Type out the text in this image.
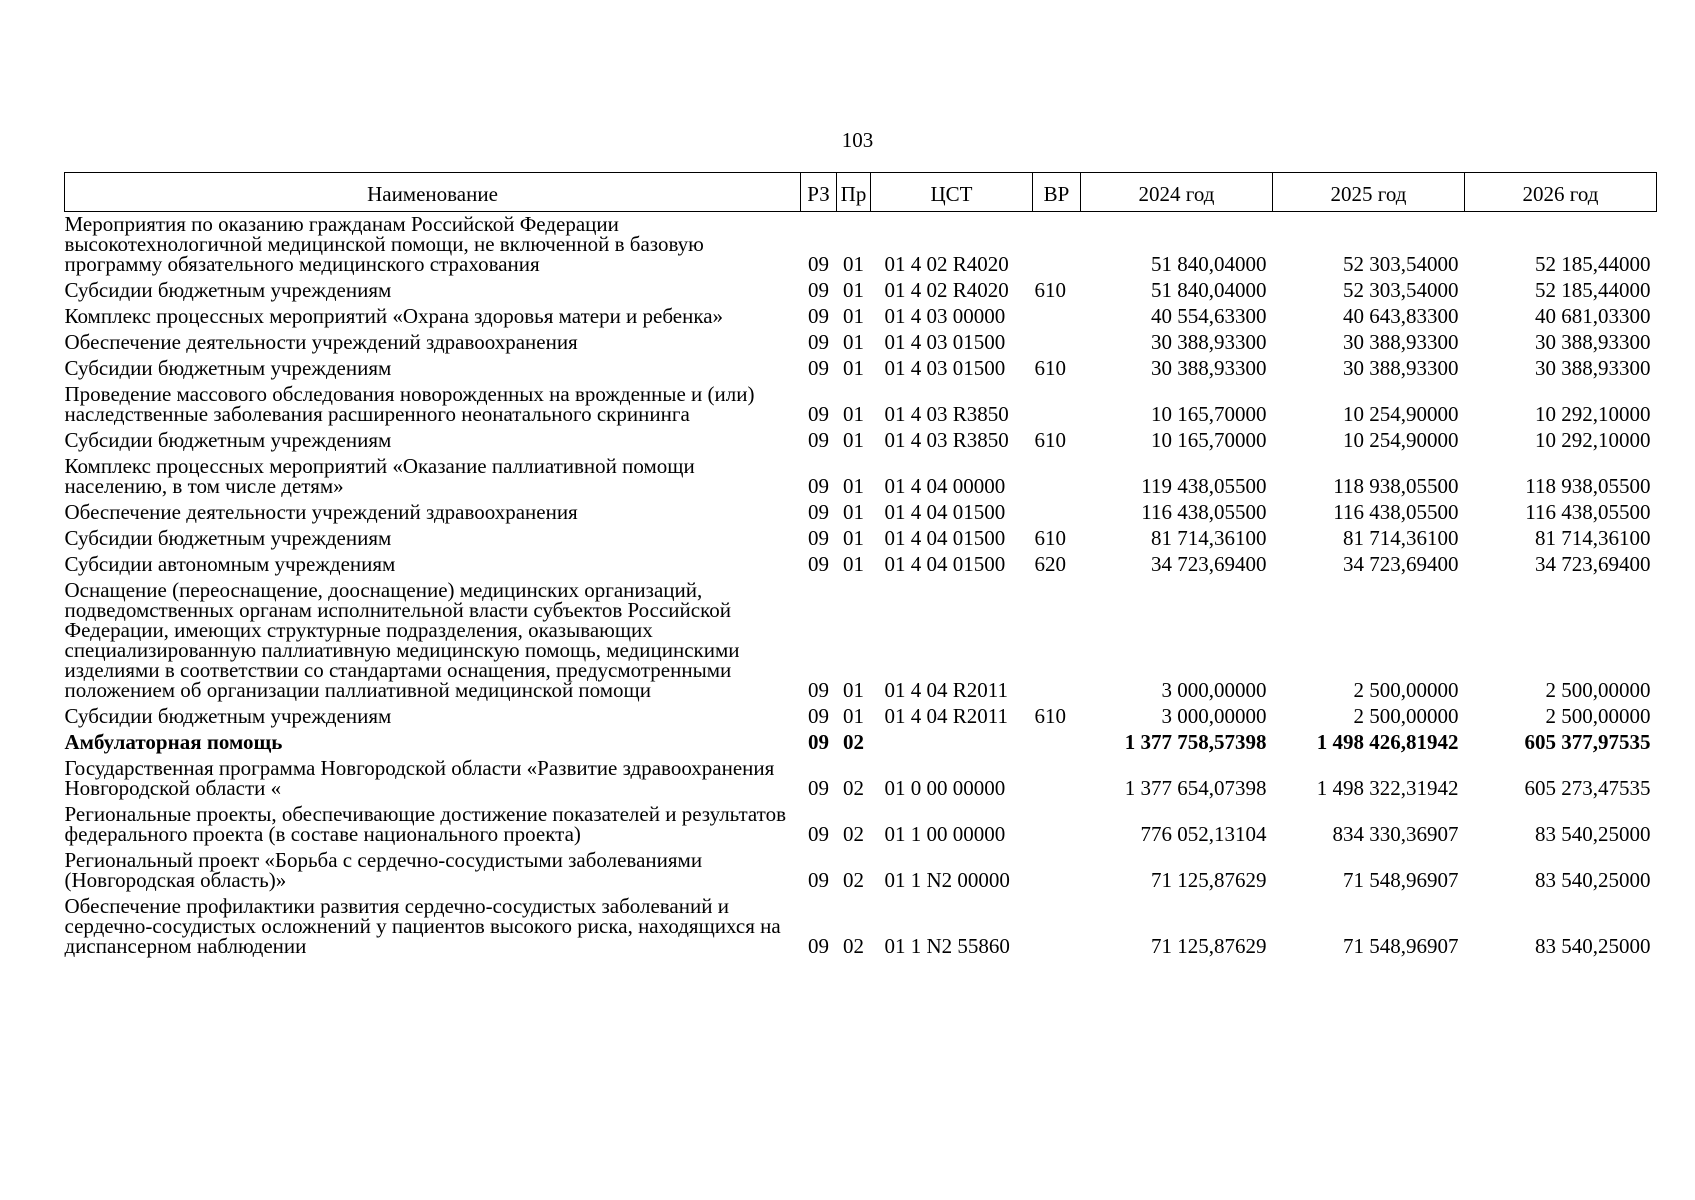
103
Наименование	РЗ	Пр	ЦСТ	ВР	2024 год	2025 год	2026 год
Мероприятия по оказанию гражданам Российской Федерации высокотехнологичной медицинской помощи, не включенной в базовую программу обязательного медицинского страхования	09	01	01 4 02 R4020		51 840,04000	52 303,54000	52 185,44000
Субсидии бюджетным учреждениям	09	01	01 4 02 R4020	610	51 840,04000	52 303,54000	52 185,44000
Комплекс процессных мероприятий «Охрана здоровья матери и ребенка»	09	01	01 4 03 00000		40 554,63300	40 643,83300	40 681,03300
Обеспечение деятельности учреждений здравоохранения	09	01	01 4 03 01500		30 388,93300	30 388,93300	30 388,93300
Субсидии бюджетным учреждениям	09	01	01 4 03 01500	610	30 388,93300	30 388,93300	30 388,93300
Проведение массового обследования новорожденных на врожденные и (или) наследственные заболевания расширенного неонатального скрининга	09	01	01 4 03 R3850		10 165,70000	10 254,90000	10 292,10000
Субсидии бюджетным учреждениям	09	01	01 4 03 R3850	610	10 165,70000	10 254,90000	10 292,10000
Комплекс процессных мероприятий «Оказание паллиативной помощи населению, в том числе детям»	09	01	01 4 04 00000		119 438,05500	118 938,05500	118 938,05500
Обеспечение деятельности учреждений здравоохранения	09	01	01 4 04 01500		116 438,05500	116 438,05500	116 438,05500
Субсидии бюджетным учреждениям	09	01	01 4 04 01500	610	81 714,36100	81 714,36100	81 714,36100
Субсидии автономным учреждениям	09	01	01 4 04 01500	620	34 723,69400	34 723,69400	34 723,69400
Оснащение (переоснащение, дооснащение) медицинских организаций, подведомственных органам исполнительной власти субъектов Российской Федерации, имеющих структурные подразделения, оказывающих специализированную паллиативную медицинскую помощь, медицинскими изделиями в соответствии со стандартами оснащения, предусмотренными положением об организации паллиативной медицинской помощи	09	01	01 4 04 R2011		3 000,00000	2 500,00000	2 500,00000
Субсидии бюджетным учреждениям	09	01	01 4 04 R2011	610	3 000,00000	2 500,00000	2 500,00000
Амбулаторная помощь	09	02			1 377 758,57398	1 498 426,81942	605 377,97535
Государственная программа Новгородской области «Развитие здравоохранения Новгородской области «	09	02	01 0 00 00000		1 377 654,07398	1 498 322,31942	605 273,47535
Региональные проекты, обеспечивающие достижение показателей и результатов федерального проекта (в составе национального проекта)	09	02	01 1 00 00000		776 052,13104	834 330,36907	83 540,25000
Региональный проект «Борьба с сердечно-сосудистыми заболеваниями (Новгородская область)»	09	02	01 1 N2 00000		71 125,87629	71 548,96907	83 540,25000
Обеспечение профилактики развития сердечно-сосудистых заболеваний и сердечно-сосудистых осложнений у пациентов высокого риска, находящихся на диспансерном наблюдении	09	02	01 1 N2 55860		71 125,87629	71 548,96907	83 540,25000
